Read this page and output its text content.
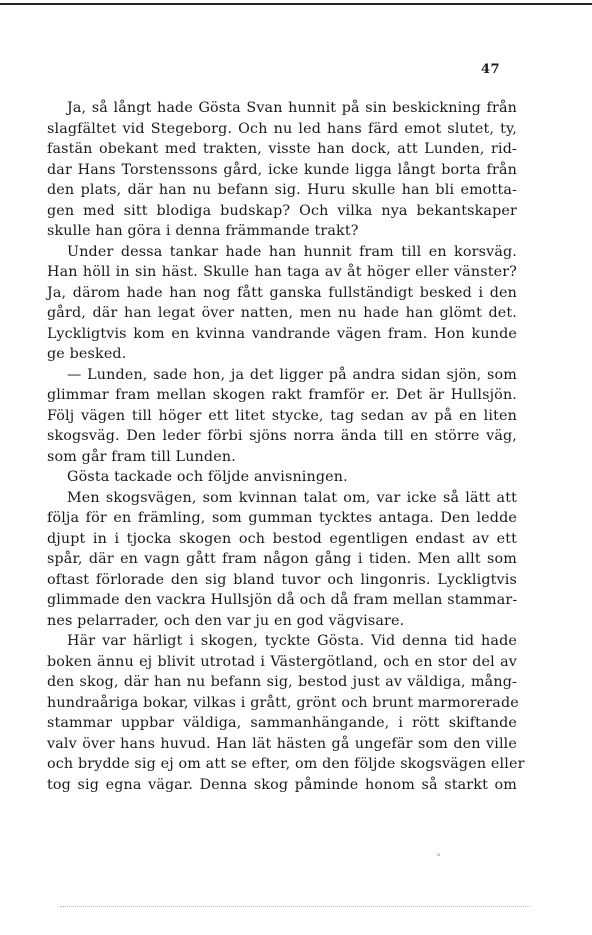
47
Ja, så långt hade Gösta Svan hunnit på sin beskickning från
slagfältet vid Stegeborg. Och nu led hans färd emot slutet, ty,
fastän obekant med trakten, visste han dock, att Lunden, rid-
dar Hans Torstenssons gård, icke kunde ligga långt borta från
den plats, där han nu befann sig. Huru skulle han bli emotta-
gen med sitt blodiga budskap? Och vilka nya bekantskaper
skulle han göra i denna främmande trakt?
Under dessa tankar hade han hunnit fram till en korsväg.
Han höll in sin häst. Skulle han taga av åt höger eller vänster?
Ja, därom hade han nog fått ganska fullständigt besked i den
gård, där han legat över natten, men nu hade han glömt det.
Lyckligtvis kom en kvinna vandrande vägen fram. Hon kunde
ge besked.
— Lunden, sade hon, ja det ligger på andra sidan sjön, som
glimmar fram mellan skogen rakt framför er. Det är Hullsjön.
Följ vägen till höger ett litet stycke, tag sedan av på en liten
skogsväg. Den leder förbi sjöns norra ända till en större väg,
som går fram till Lunden.
Gösta tackade och följde anvisningen.
Men skogsvägen, som kvinnan talat om, var icke så lätt att
följa för en främling, som gumman tycktes antaga. Den ledde
djupt in i tjocka skogen och bestod egentligen endast av ett
spår, där en vagn gått fram någon gång i tiden. Men allt som
oftast förlorade den sig bland tuvor och lingonris. Lyckligtvis
glimmade den vackra Hullsjön då och då fram mellan stammar-
nes pelarrader, och den var ju en god vägvisare.
Här var härligt i skogen, tyckte Gösta. Vid denna tid hade
boken ännu ej blivit utrotad i Västergötland, och en stor del av
den skog, där han nu befann sig, bestod just av väldiga, mång-
hundraåriga bokar, vilkas i grått, grönt och brunt marmorerade
stammar uppbar väldiga, sammanhängande, i rött skiftande
valv över hans huvud. Han lät hästen gå ungefär som den ville
och brydde sig ej om att se efter, om den följde skogsvägen eller
tog sig egna vägar. Denna skog påminde honom så starkt om
ᵓ
